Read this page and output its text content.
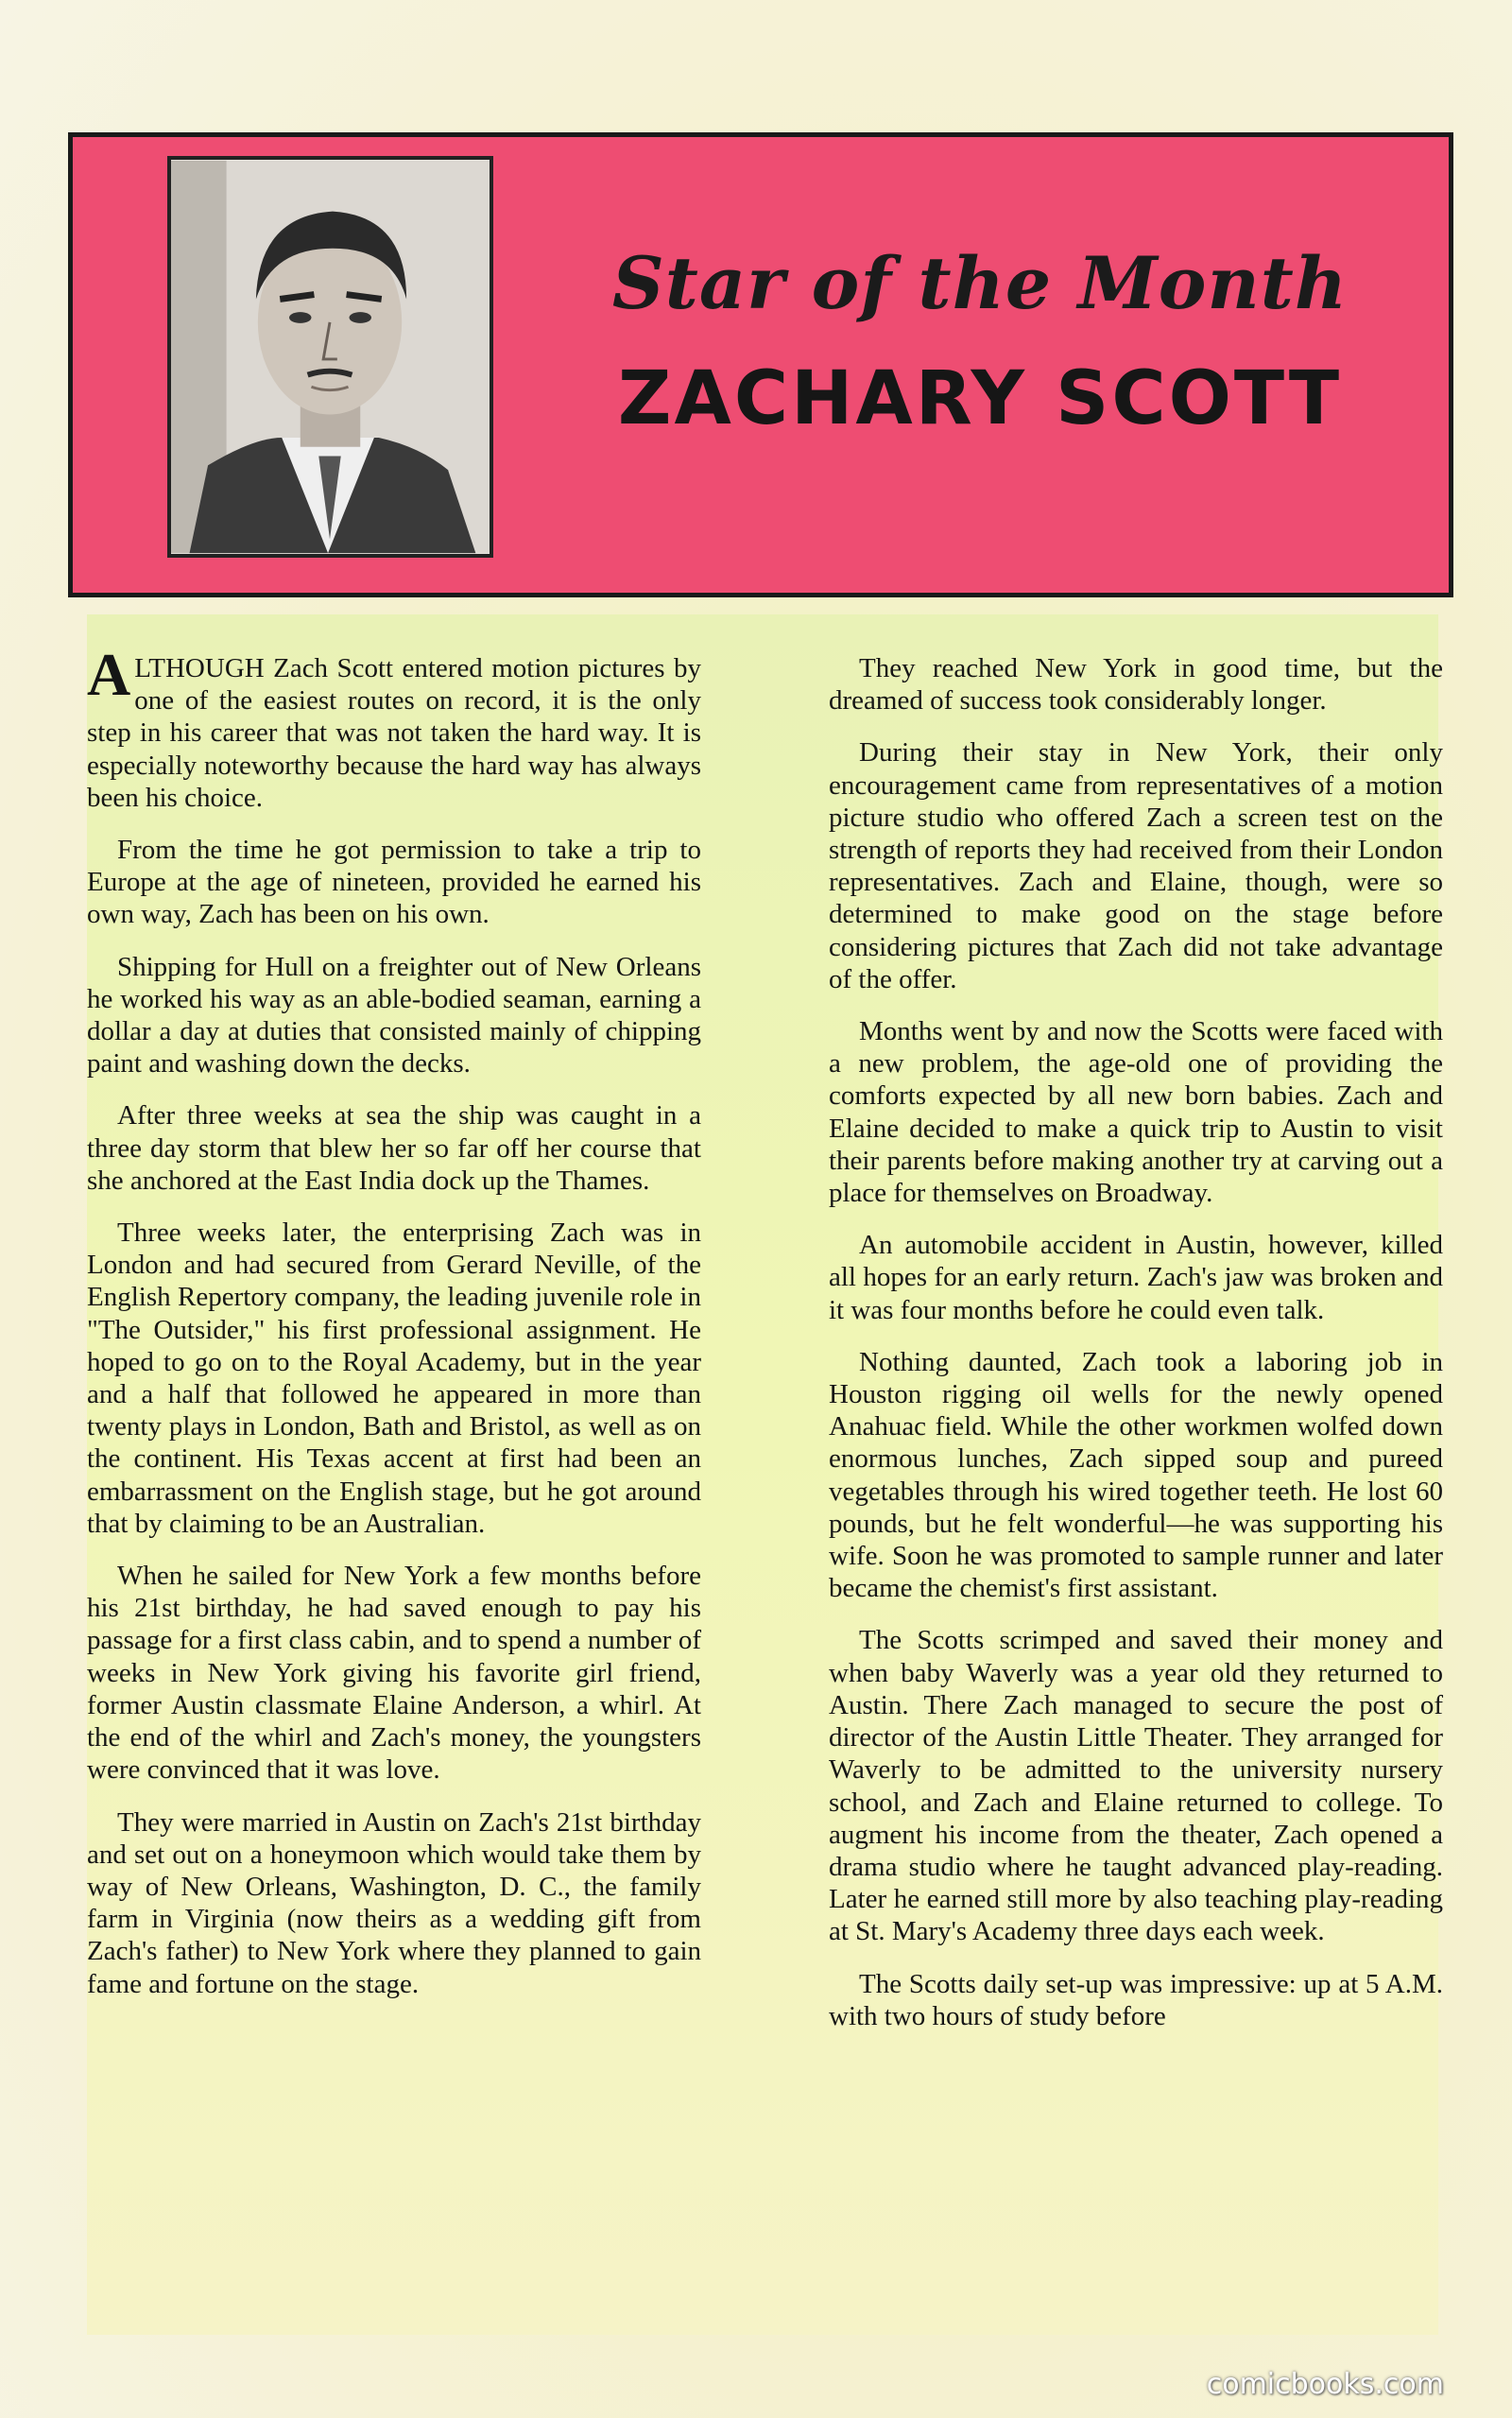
Star of the Month
ZACHARY SCOTT

ALTHOUGH Zach Scott entered motion pictures by one of the easiest routes on record, it is the only step in his career that was not taken the hard way. It is especially noteworthy because the hard way has always been his choice.

From the time he got permission to take a trip to Europe at the age of nineteen, provided he earned his own way, Zach has been on his own.

Shipping for Hull on a freighter out of New Orleans he worked his way as an able-bodied seaman, earning a dollar a day at duties that consisted mainly of chipping paint and washing down the decks.

After three weeks at sea the ship was caught in a three day storm that blew her so far off her course that she anchored at the East India dock up the Thames.

Three weeks later, the enterprising Zach was in London and had secured from Gerard Neville, of the English Repertory company, the leading juvenile role in "The Outsider," his first professional assignment. He hoped to go on to the Royal Academy, but in the year and a half that followed he appeared in more than twenty plays in London, Bath and Bristol, as well as on the continent. His Texas accent at first had been an embarrassment on the English stage, but he got around that by claiming to be an Australian.

When he sailed for New York a few months before his 21st birthday, he had saved enough to pay his passage for a first class cabin, and to spend a number of weeks in New York giving his favorite girl friend, former Austin classmate Elaine Anderson, a whirl. At the end of the whirl and Zach's money, the youngsters were convinced that it was love.

They were married in Austin on Zach's 21st birthday and set out on a honeymoon which would take them by way of New Orleans, Washington, D. C., the family farm in Virginia (now theirs as a wedding gift from Zach's father) to New York where they planned to gain fame and fortune on the stage.

They reached New York in good time, but the dreamed of success took considerably longer.

During their stay in New York, their only encouragement came from representatives of a motion picture studio who offered Zach a screen test on the strength of reports they had received from their London representatives. Zach and Elaine, though, were so determined to make good on the stage before considering pictures that Zach did not take advantage of the offer.

Months went by and now the Scotts were faced with a new problem, the age-old one of providing the comforts expected by all new born babies. Zach and Elaine decided to make a quick trip to Austin to visit their parents before making another try at carving out a place for themselves on Broadway.

An automobile accident in Austin, however, killed all hopes for an early return. Zach's jaw was broken and it was four months before he could even talk.

Nothing daunted, Zach took a laboring job in Houston rigging oil wells for the newly opened Anahuac field. While the other workmen wolfed down enormous lunches, Zach sipped soup and pureed vegetables through his wired together teeth. He lost 60 pounds, but he felt wonderful—he was supporting his wife. Soon he was promoted to sample runner and later became the chemist's first assistant.

The Scotts scrimped and saved their money and when baby Waverly was a year old they returned to Austin. There Zach managed to secure the post of director of the Austin Little Theater. They arranged for Waverly to be admitted to the university nursery school, and Zach and Elaine returned to college. To augment his income from the theater, Zach opened a drama studio where he taught advanced play-reading. Later he earned still more by also teaching play-reading at St. Mary's Academy three days each week.

The Scotts daily set-up was impressive: up at 5 A.M. with two hours of study before

comicbooks.com
